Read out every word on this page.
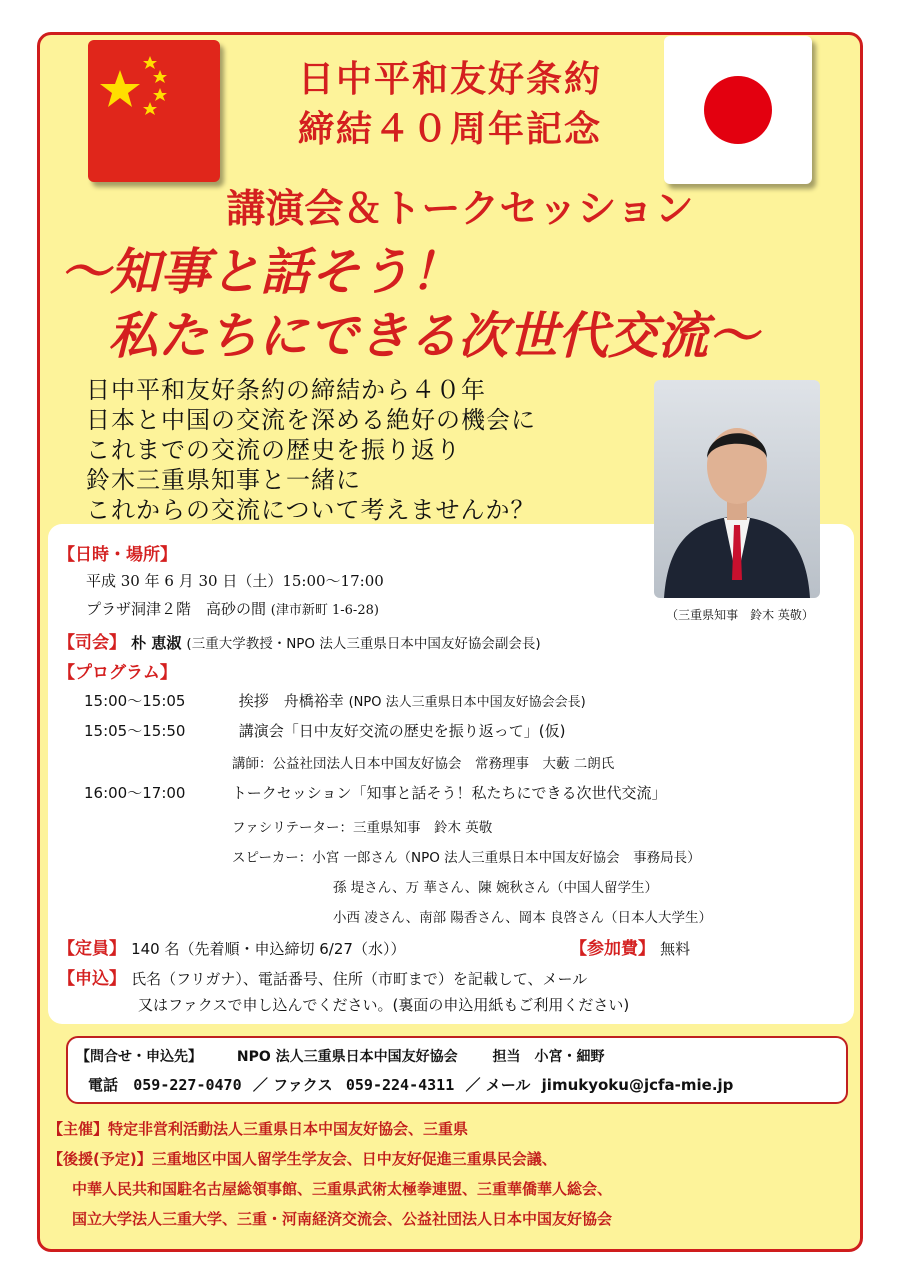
日中平和友好条約
締結４０周年記念
講演会＆トークセッション
～知事と話そう！
私たちにできる次世代交流～
日中平和友好条約の締結から４０年
日本と中国の交流を深める絶好の機会に
これまでの交流の歴史を振り返り
鈴木三重県知事と一緒に
これからの交流について考えませんか？
（三重県知事　鈴木 英敬）
【日時・場所】
平成 30 年 6 月 30 日（土）15:00～17:00
プラザ洞津２階　高砂の間 (津市新町 1-6-28)
【司会】 朴 恵淑 (三重大学教授・NPO 法人三重県日本中国友好協会副会長)
【プログラム】
15:00～15:05	挨拶　舟橋裕幸 (NPO 法人三重県日本中国友好協会会長)
15:05～15:50	講演会「日中友好交流の歴史を振り返って」(仮)
講師：公益社団法人日本中国友好協会　常務理事　大藪 二朗氏
16:00～17:00	トークセッション「知事と話そう！私たちにできる次世代交流」
ファシリテーター：三重県知事　鈴木 英敬
スピーカー：小宮 一郎さん（NPO 法人三重県日本中国友好協会　事務局長）
孫 堤さん、万 華さん、陳 婉秋さん（中国人留学生）
小西 凌さん、南部 陽香さん、岡本 良啓さん（日本人大学生）
【定員】 140 名（先着順・申込締切 6/27（水））	【参加費】 無料
【申込】 氏名（フリガナ）、電話番号、住所（市町まで）を記載して、メール
又はファクスで申し込んでください。(裏面の申込用紙もご利用ください)
【問合せ・申込先】 NPO 法人三重県日本中国友好協会 担当　小宮・細野
電話 059-227-0470 ／ ファクス 059-224-4311 ／ メール jimukyoku@jcfa-mie.jp
【主催】特定非営利活動法人三重県日本中国友好協会、三重県
【後援(予定)】三重地区中国人留学生学友会、日中友好促進三重県民会議、
中華人民共和国駐名古屋総領事館、三重県武術太極拳連盟、三重華僑華人総会、
国立大学法人三重大学、三重・河南経済交流会、公益社団法人日本中国友好協会
